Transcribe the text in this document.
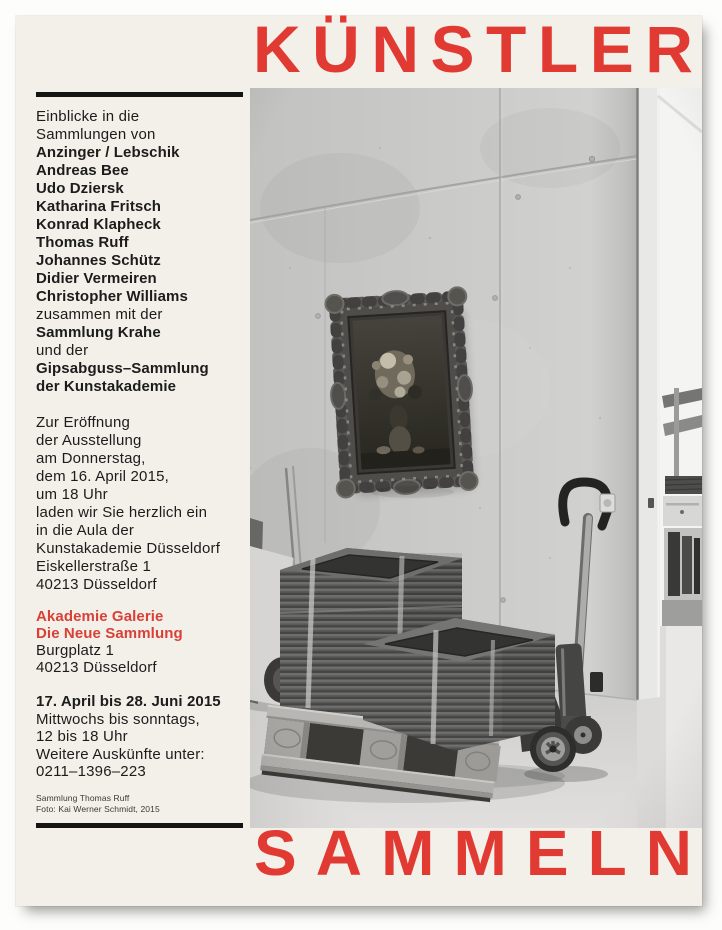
K Ü N S T L E R
Einblicke in die
Sammlungen von
Anzinger / Lebschik
Andreas Bee
Udo Dziersk
Katharina Fritsch
Konrad Klapheck
Thomas Ruff
Johannes Schütz
Didier Vermeiren
Christopher Williams
zusammen mit der
Sammlung Krahe
und der
Gipsabguss–Sammlung
der Kunstakademie
Zur Eröffnung
der Ausstellung
am Donnerstag,
dem 16. April 2015,
um 18 Uhr
laden wir Sie herzlich ein
in die Aula der
Kunstakademie Düsseldorf
Eiskellerstraße 1
40213 Düsseldorf
Akademie Galerie
Die Neue Sammlung
Burgplatz 1
40213 Düsseldorf
17. April bis 28. Juni 2015
Mittwochs bis sonntags,
12 bis 18 Uhr
Weitere Auskünfte unter:
0211–1396–223
Sammlung Thomas Ruff
Foto: Kai Werner Schmidt, 2015
S A M M E L N
